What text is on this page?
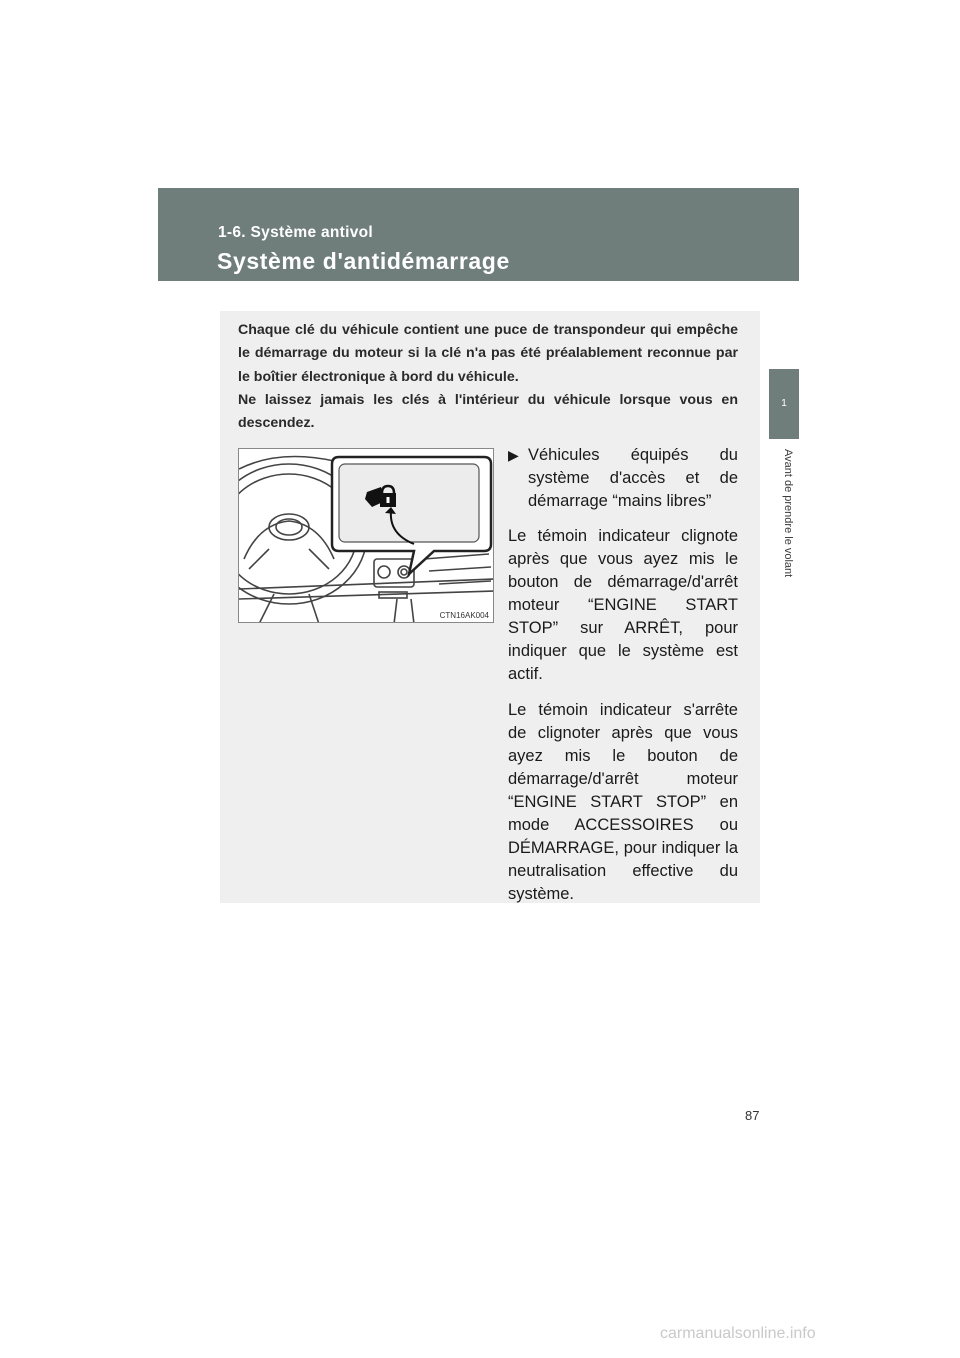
1-6. Système antivol
Système d'antidémarrage
1
Avant de prendre le volant

Chaque clé du véhicule contient une puce de transpondeur qui empêche le démarrage du moteur si la clé n'a pas été préalablement reconnue par le boîtier électronique à bord du véhicule.

Ne laissez jamais les clés à l'intérieur du véhicule lorsque vous en descendez.

CTN16AK004
▶ Véhicules équipés du système d'accès et de démarrage “mains libres”

Le témoin indicateur clignote après que vous ayez mis le bouton de démarrage/d'arrêt moteur “ENGINE START STOP” sur ARRÊT, pour indiquer que le système est actif.

Le témoin indicateur s'arrête de clignoter après que vous ayez mis le bouton de démarrage/d'arrêt moteur “ENGINE START STOP” en mode ACCESSOIRES ou DÉMARRAGE, pour indiquer la neutralisation effective du système.

87
carmanualsonline.info
